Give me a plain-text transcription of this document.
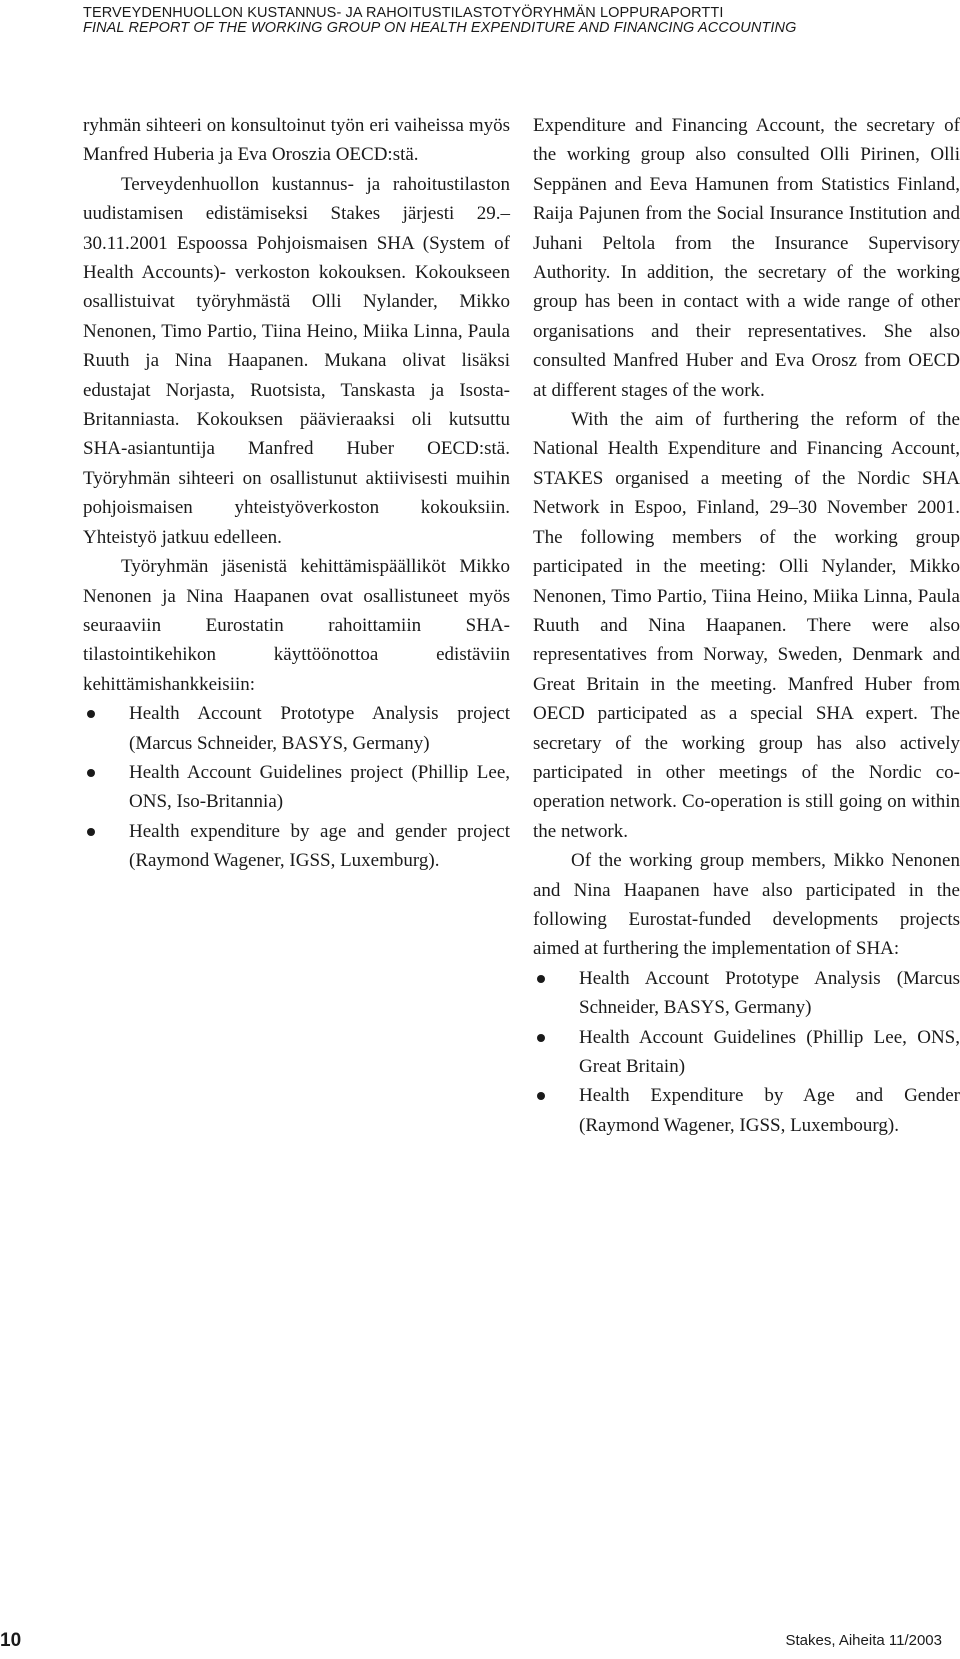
TERVEYDENHUOLLON KUSTANNUS- JA RAHOITUSTILASTOTYÖRYHMÄN LOPPURAPORTTI
FINAL REPORT OF THE WORKING GROUP ON HEALTH EXPENDITURE AND FINANCING ACCOUNTING

ryhmän sihteeri on konsultoinut työn eri vaiheissa myös Manfred Huberia ja Eva Oroszia OECD:stä.

Terveydenhuollon kustannus- ja rahoitustilaston uudistamisen edistämiseksi Stakes järjesti 29.–30.11.2001 Espoossa Pohjoismaisen SHA (System of Health Accounts)- verkoston kokouksen. Kokoukseen osallistuivat työryhmästä Olli Nylander, Mikko Nenonen, Timo Partio, Tiina Heino, Miika Linna, Paula Ruuth ja Nina Haapanen. Mukana olivat lisäksi edustajat Norjasta, Ruotsista, Tanskasta ja Isosta-Britanniasta. Kokouksen päävieraaksi oli kutsuttu SHA-asiantuntija Manfred Huber OECD:stä. Työryhmän sihteeri on osallistunut aktiivisesti muihin pohjoismaisen yhteistyöverkoston kokouksiin. Yhteistyö jatkuu edelleen.

Työryhmän jäsenistä kehittämispäälliköt Mikko Nenonen ja Nina Haapanen ovat osallistuneet myös seuraaviin Eurostatin rahoittamiin SHA-tilastointikehikon käyttöönottoa edistäviin kehittämishankkeisiin:

Health Account Prototype Analysis project (Marcus Schneider, BASYS, Germany)
Health Account Guidelines project (Phillip Lee, ONS, Iso-Britannia)
Health expenditure by age and gender project (Raymond Wagener, IGSS, Luxemburg).

Expenditure and Financing Account, the secretary of the working group also consulted Olli Pirinen, Olli Seppänen and Eeva Hamunen from Statistics Finland, Raija Pajunen from the Social Insurance Institution and Juhani Peltola from the Insurance Supervisory Authority. In addition, the secretary of the working group has been in contact with a wide range of other organisations and their representatives. She also consulted Manfred Huber and Eva Orosz from OECD at different stages of the work.

With the aim of furthering the reform of the National Health Expenditure and Financing Account, STAKES organised a meeting of the Nordic SHA Network in Espoo, Finland, 29–30 November 2001. The following members of the working group participated in the meeting: Olli Nylander, Mikko Nenonen, Timo Partio, Tiina Heino, Miika Linna, Paula Ruuth and Nina Haapanen. There were also representatives from Norway, Sweden, Denmark and Great Britain in the meeting. Manfred Huber from OECD participated as a special SHA expert. The secretary of the working group has also actively participated in other meetings of the Nordic co-operation network. Co-operation is still going on within the network.

Of the working group members, Mikko Nenonen and Nina Haapanen have also participated in the following Eurostat-funded developments projects aimed at furthering the implementation of SHA:

Health Account Prototype Analysis (Marcus Schneider, BASYS, Germany)
Health Account Guidelines (Phillip Lee, ONS, Great Britain)
Health Expenditure by Age and Gender (Raymond Wagener, IGSS, Luxembourg).
10	Stakes, Aiheita 11/2003
